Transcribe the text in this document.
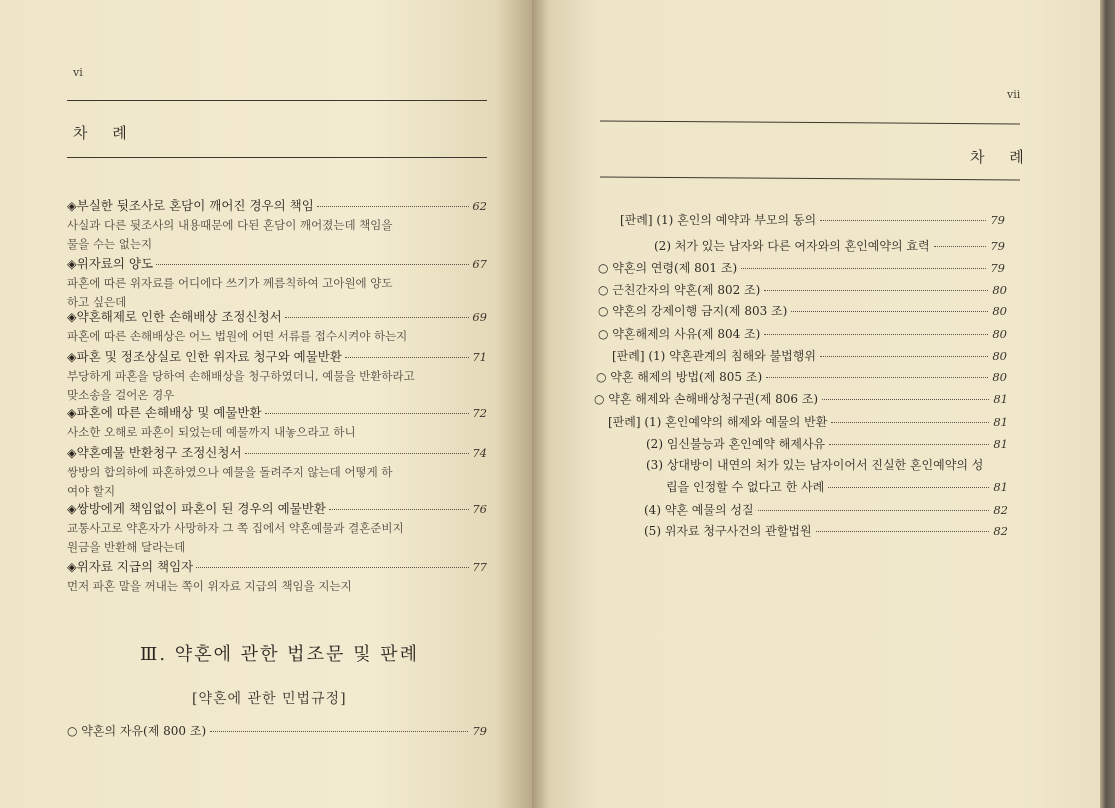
vi
차 례
◈부실한 뒷조사로 혼담이 깨어진 경우의 책임	62
사실과 다른 뒷조사의 내용때문에 다된 혼담이 깨어졌는데 책임을
물을 수는 없는지
◈위자료의 양도	67
파혼에 따른 위자료를 어디에다 쓰기가 께름칙하여 고아원에 양도
하고 싶은데
◈약혼해제로 인한 손해배상 조정신청서	69
파혼에 따른 손해배상은 어느 법원에 어떤 서류를 접수시켜야 하는지
◈파혼 및 정조상실로 인한 위자료 청구와 예물반환	71
부당하게 파혼을 당하여 손해배상을 청구하였더니, 예물을 반환하라고
맞소송을 걸어온 경우
◈파혼에 따른 손해배상 및 예물반환	72
사소한 오해로 파혼이 되었는데 예물까지 내놓으라고 하니
◈약혼예물 반환청구 조정신청서	74
쌍방의 합의하에 파혼하였으나 예물을 돌려주지 않는데 어떻게 하
여야 할지
◈쌍방에게 책임없이 파혼이 된 경우의 예물반환	76
교통사고로 약혼자가 사망하자 그 쪽 집에서 약혼예물과 결혼준비지
원금을 반환해 달라는데
◈위자료 지급의 책임자	77
먼저 파혼 말을 꺼내는 쪽이 위자료 지급의 책임을 지는지
Ⅲ. 약혼에 관한 법조문 및 판례
[약혼에 관한 민법규정]
○ 약혼의 자유(제 800 조)	79
vii
차 례
[판례] (1) 혼인의 예약과 부모의 동의	79
(2) 처가 있는 남자와 다른 여자와의 혼인예약의 효력	79
○ 약혼의 연령(제 801 조)	79
○ 근친간자의 약혼(제 802 조)	80
○ 약혼의 강제이행 금지(제 803 조)	80
○ 약혼해제의 사유(제 804 조)	80
[판례] (1) 약혼관계의 침해와 불법행위	80
○ 약혼 해제의 방법(제 805 조)	80
○ 약혼 해제와 손해배상청구권(제 806 조)	81
[판례] (1) 혼인예약의 해제와 예물의 반환	81
(2) 임신불능과 혼인예약 해제사유	81
(3) 상대방이 내연의 처가 있는 남자이어서 진실한 혼인예약의 성
립을 인정할 수 없다고 한 사례	81
(4) 약혼 예물의 성질	82
(5) 위자료 청구사건의 관할법원	82
